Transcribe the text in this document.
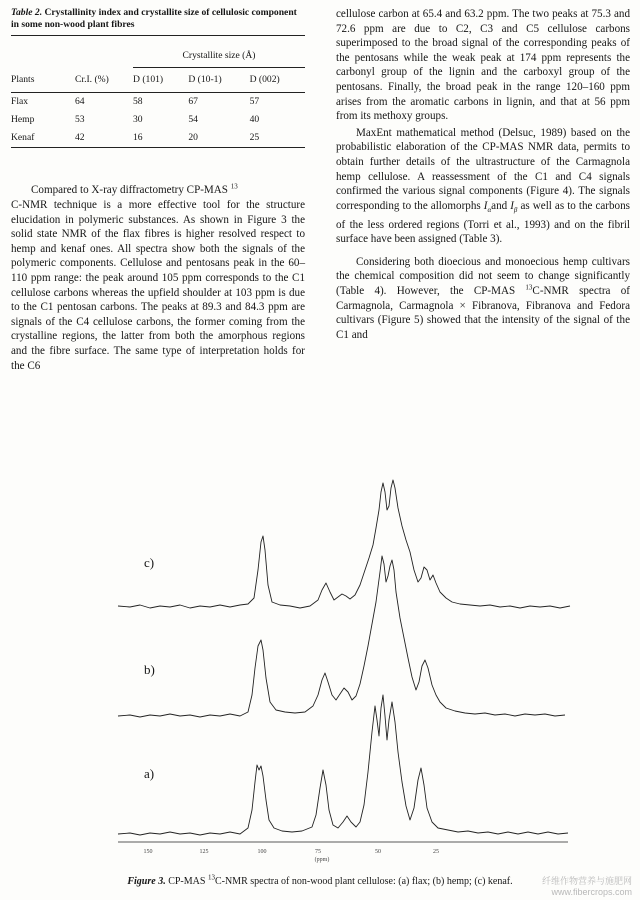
Table 2. Crystallinity index and crystallite size of cellulosic component in some non-wood plant fibres
		Crystallite size (Å)		
Plants	Cr.I. (%)	D (101)	D (10-1)	D (002)
Flax	64	58	67	57
Hemp	53	30	54	40
Kenaf	42	16	20	25

Compared to X-ray diffractometry CP-MAS $^{13}$
C-NMR technique is a more effective tool for the structure elucidation in polymeric substances. As shown in Figure 3 the solid state NMR of the flax fibres is higher resolved respect to hemp and kenaf ones. All spectra show both the signals of the polymeric components. Cellulose and pentosans peak in the 60–110 ppm range: the peak around 105 ppm corresponds to the C1 cellulose carbons whereas the upfield shoulder at 103 ppm is due to the C1 pentosan carbons. The peaks at 89.3 and 84.3 ppm are signals of the C4 cellulose carbons, the former coming from the crystalline regions, the latter from both the amorphous regions and the fibre surface. The same type of interpretation holds for the C6

cellulose carbon at 65.4 and 63.2 ppm. The two peaks at 75.3 and 72.6 ppm are due to C2, C3 and C5 cellulose carbons superimposed to the broad signal of the corresponding peaks of the pentosans while the weak peak at 174 ppm represents the carbonyl group of the lignin and the carboxyl group of the pentosans. Finally, the broad peak in the range 120–160 ppm arises from the aromatic carbons in lignin, and that at 56 ppm from its methoxy groups.

MaxEnt mathematical method (Delsuc, 1989) based on the probabilistic elaboration of the CP-MAS NMR data, permits to obtain further details of the ultrastructure of the Carmagnola hemp cellulose. A reassessment of the C1 and C4 signals confirmed the various signal components (Figure 4). The signals corresponding to the allomorphs $I_\alpha and$ $I_\beta$ as well as to the carbons of the less ordered regions (Torri et al., 1993) and on the fibril surface have been assigned (Table 3).

Considering both dioecious and monoecious hemp cultivars the chemical composition did not seem to change significantly (Table 4). However, the CP-MAS $^{13}$C-NMR spectra of Carmagnola, Carmagnola × Fibranova, Fibranova and Fedora cultivars (Figure 5) showed that the intensity of the signal of the C1 and

150	125	100	75	50	25
(ppm)
c)
b)
a)
Figure 3. CP-MAS $^{13}$C-NMR spectra of non-wood plant cellulose: (a) flax; (b) hemp; (c) kenaf.	纤维作物营养与施肥网
www.fibercrops.com
